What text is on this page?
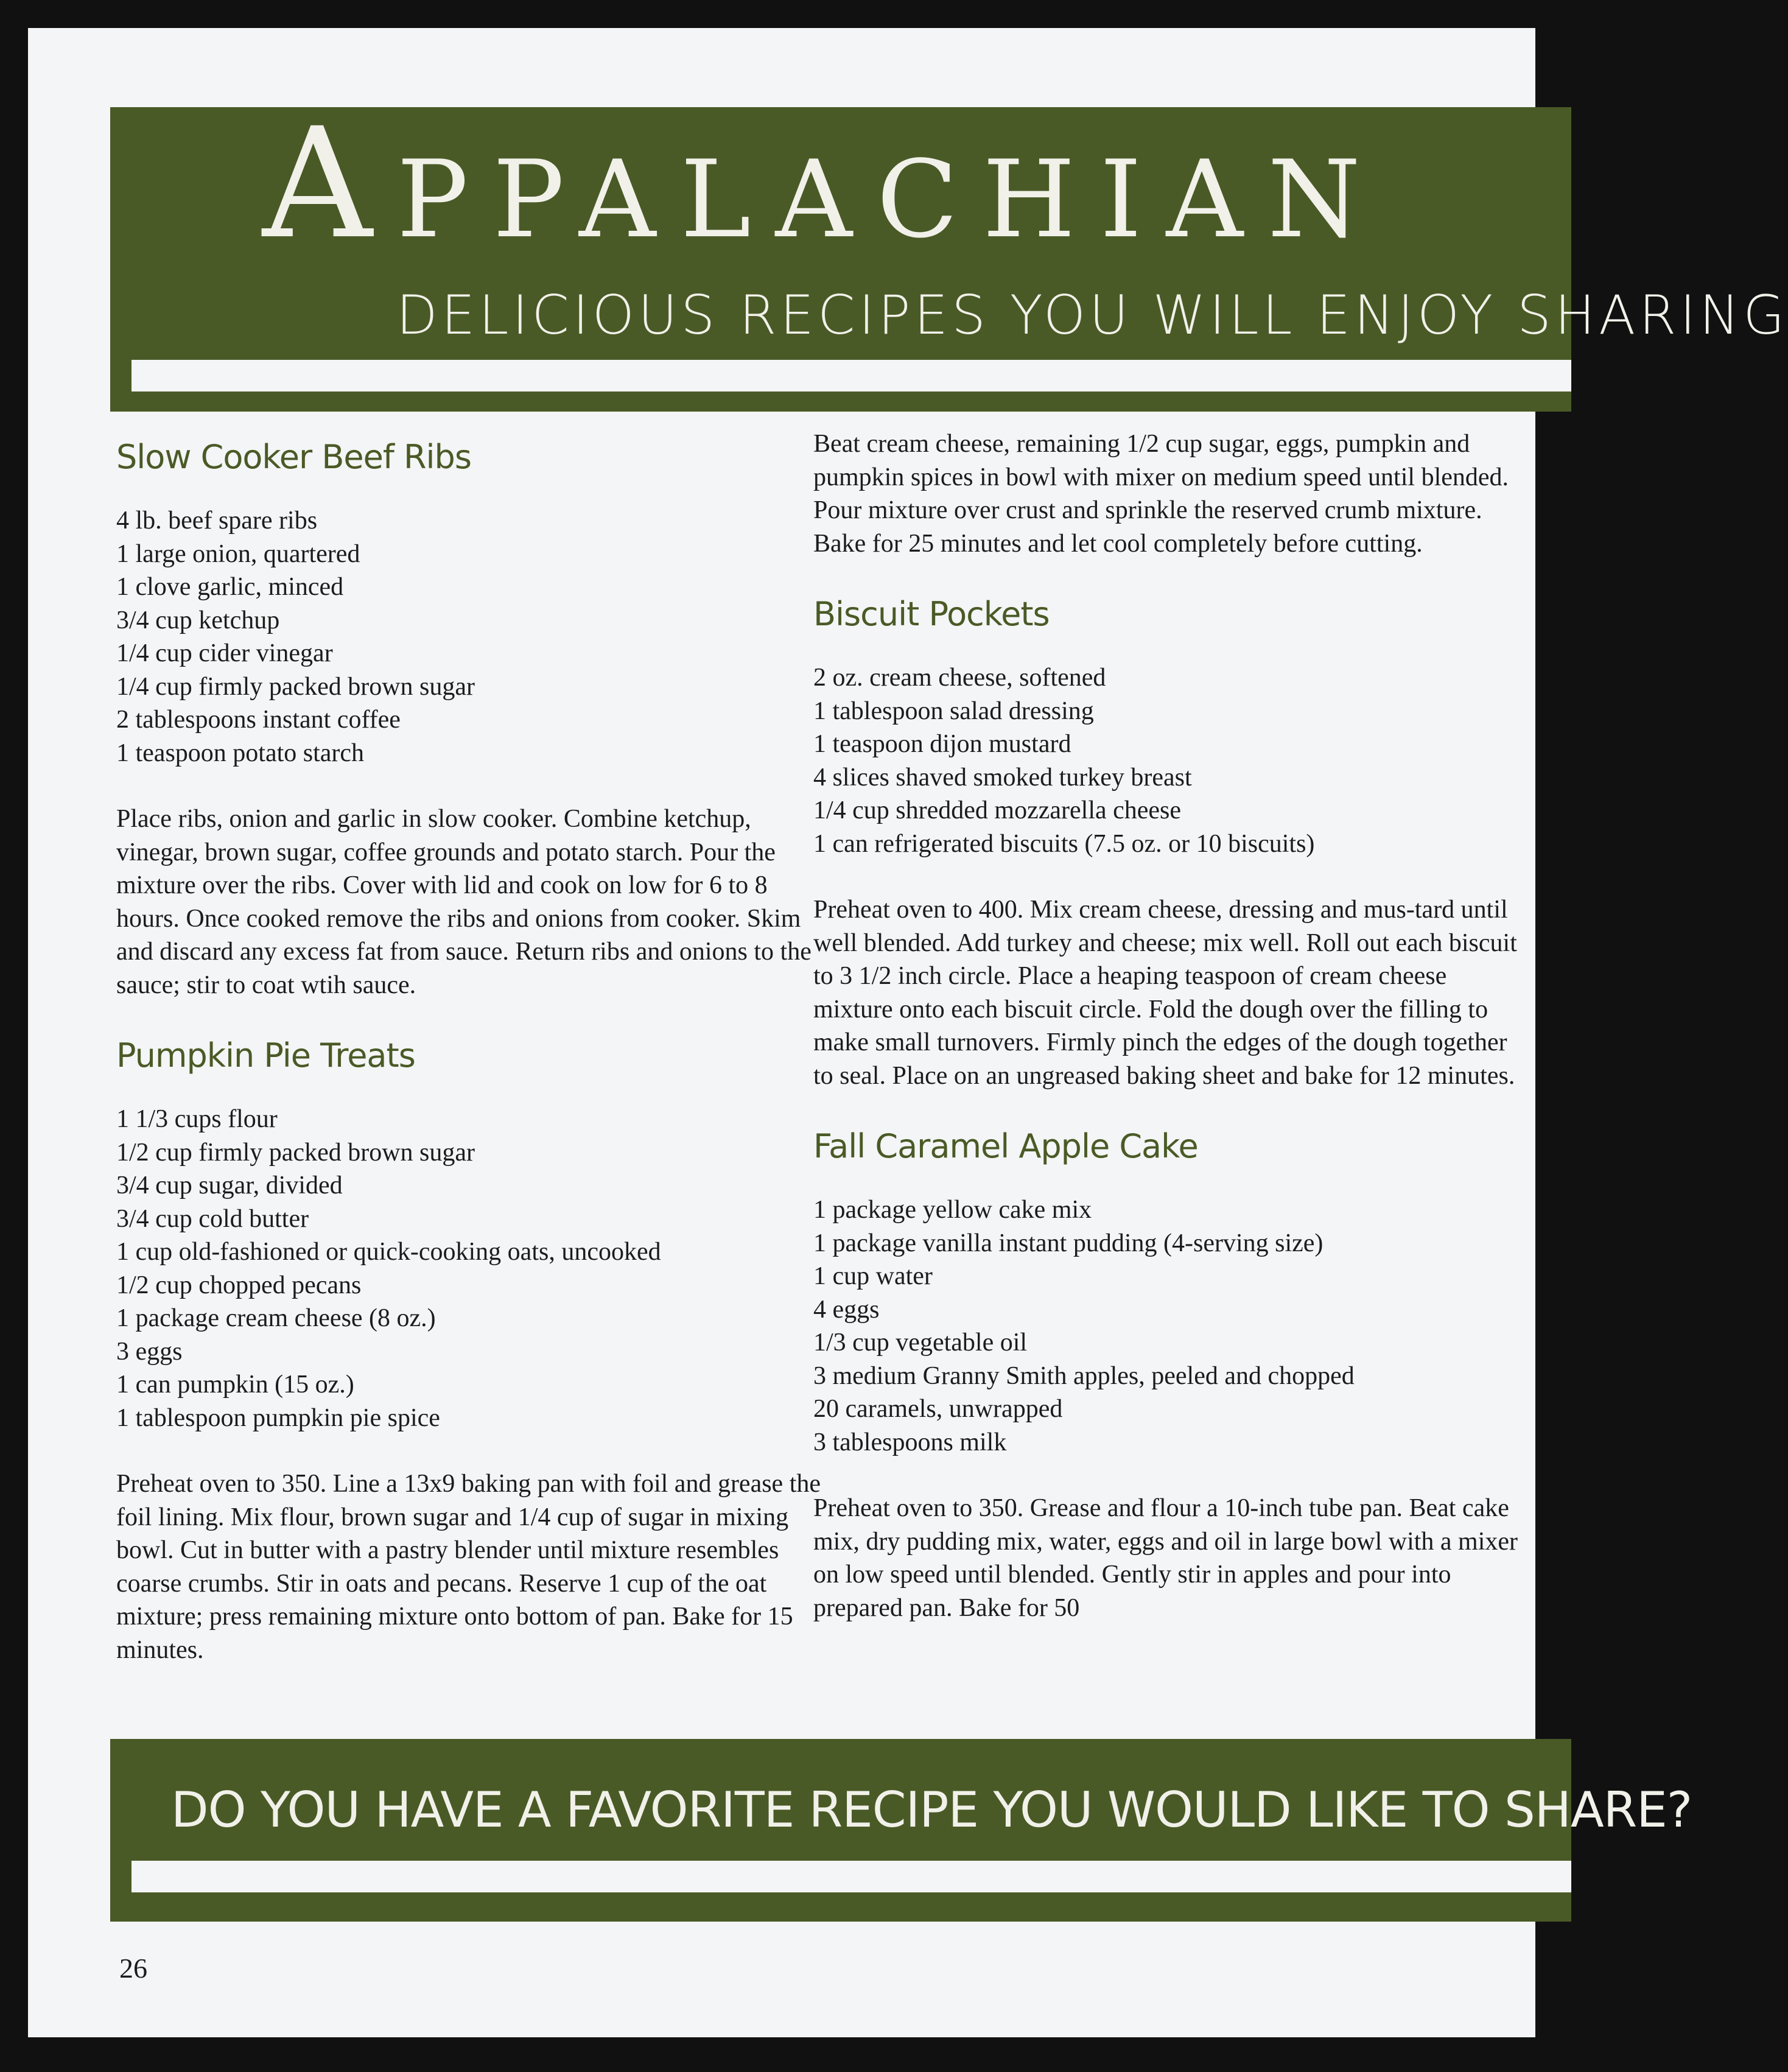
Appalachian
DELICIOUS RECIPES YOU WILL ENJOY SHARING
Slow Cooker Beef Ribs
4 lb. beef spare ribs
1 large onion, quartered
1 clove garlic, minced
3/4 cup ketchup
1/4 cup cider vinegar
1/4 cup firmly packed brown sugar
2 tablespoons instant coffee
1 teaspoon potato starch

Place ribs, onion and garlic in slow cooker. Combine ketchup, vinegar, brown sugar, coffee grounds and potato starch. Pour the mixture over the ribs. Cover with lid and cook on low for 6 to 8 hours. Once cooked remove the ribs and onions from cooker. Skim and discard any excess fat from sauce. Return ribs and onions to the sauce; stir to coat wtih sauce.

Pumpkin Pie Treats
1 1/3 cups flour
1/2 cup firmly packed brown sugar
3/4 cup sugar, divided
3/4 cup cold butter
1 cup old-fashioned or quick-cooking oats, uncooked
1/2 cup chopped pecans
1 package cream cheese (8 oz.)
3 eggs
1 can pumpkin (15 oz.)
1 tablespoon pumpkin pie spice

Preheat oven to 350. Line a 13x9 baking pan with foil and grease the foil lining. Mix flour, brown sugar and 1/4 cup of sugar in mixing bowl. Cut in butter with a pastry blender until mixture resembles coarse crumbs. Stir in oats and pecans. Reserve 1 cup of the oat mixture; press remaining mixture onto bottom of pan. Bake for 15 minutes.

Beat cream cheese, remaining 1/2 cup sugar, eggs, pumpkin and pumpkin spices in bowl with mixer on medium speed until blended. Pour mixture over crust and sprinkle the reserved crumb mixture. Bake for 25 minutes and let cool completely before cutting.

Biscuit Pockets
2 oz. cream cheese, softened
1 tablespoon salad dressing
1 teaspoon dijon mustard
4 slices shaved smoked turkey breast
1/4 cup shredded mozzarella cheese
1 can refrigerated biscuits (7.5 oz. or 10 biscuits)

Preheat oven to 400. Mix cream cheese, dressing and mus-tard until well blended. Add turkey and cheese; mix well. Roll out each biscuit to 3 1/2 inch circle. Place a heaping teaspoon of cream cheese mixture onto each biscuit circle. Fold the dough over the filling to make small turnovers. Firmly pinch the edges of the dough together to seal. Place on an ungreased baking sheet and bake for 12 minutes.

Fall Caramel Apple Cake
1 package yellow cake mix
1 package vanilla instant pudding (4-serving size)
1 cup water
4 eggs
1/3 cup vegetable oil
3 medium Granny Smith apples, peeled and chopped
20 caramels, unwrapped
3 tablespoons milk

Preheat oven to 350. Grease and flour a 10-inch tube pan. Beat cake mix, dry pudding mix, water, eggs and oil in large bowl with a mixer on low speed until blended. Gently stir in apples and pour into prepared pan. Bake for 50

DO YOU HAVE A FAVORITE RECIPE YOU WOULD LIKE TO SHARE?
26
